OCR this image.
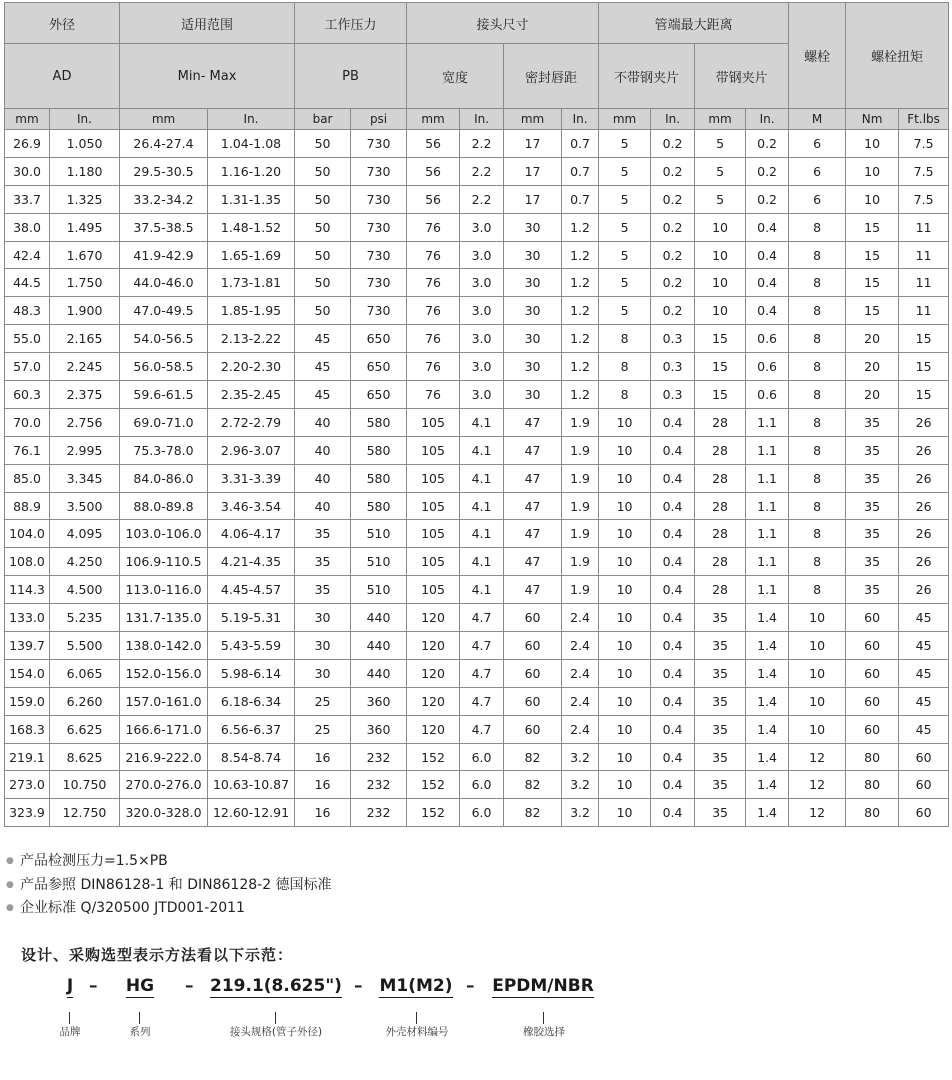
外径		适用范围		工作压力		接头尺寸				管端最大距离				螺栓	螺栓扭矩	
AD		Min- Max		PB		宽度		密封唇距		不带钢夹片		带钢夹片				
mm	In.	mm	In.	bar	psi	mm	In.	mm	In.	mm	In.	mm	In.	M	Nm	Ft.lbs
26.9	1.050	26.4-27.4	1.04-1.08	50	730	56	2.2	17	0.7	5	0.2	5	0.2	6	10	7.5
30.0	1.180	29.5-30.5	1.16-1.20	50	730	56	2.2	17	0.7	5	0.2	5	0.2	6	10	7.5
33.7	1.325	33.2-34.2	1.31-1.35	50	730	56	2.2	17	0.7	5	0.2	5	0.2	6	10	7.5
38.0	1.495	37.5-38.5	1.48-1.52	50	730	76	3.0	30	1.2	5	0.2	10	0.4	8	15	11
42.4	1.670	41.9-42.9	1.65-1.69	50	730	76	3.0	30	1.2	5	0.2	10	0.4	8	15	11
44.5	1.750	44.0-46.0	1.73-1.81	50	730	76	3.0	30	1.2	5	0.2	10	0.4	8	15	11
48.3	1.900	47.0-49.5	1.85-1.95	50	730	76	3.0	30	1.2	5	0.2	10	0.4	8	15	11
55.0	2.165	54.0-56.5	2.13-2.22	45	650	76	3.0	30	1.2	8	0.3	15	0.6	8	20	15
57.0	2.245	56.0-58.5	2.20-2.30	45	650	76	3.0	30	1.2	8	0.3	15	0.6	8	20	15
60.3	2.375	59.6-61.5	2.35-2.45	45	650	76	3.0	30	1.2	8	0.3	15	0.6	8	20	15
70.0	2.756	69.0-71.0	2.72-2.79	40	580	105	4.1	47	1.9	10	0.4	28	1.1	8	35	26
76.1	2.995	75.3-78.0	2.96-3.07	40	580	105	4.1	47	1.9	10	0.4	28	1.1	8	35	26
85.0	3.345	84.0-86.0	3.31-3.39	40	580	105	4.1	47	1.9	10	0.4	28	1.1	8	35	26
88.9	3.500	88.0-89.8	3.46-3.54	40	580	105	4.1	47	1.9	10	0.4	28	1.1	8	35	26
104.0	4.095	103.0-106.0	4.06-4.17	35	510	105	4.1	47	1.9	10	0.4	28	1.1	8	35	26
108.0	4.250	106.9-110.5	4.21-4.35	35	510	105	4.1	47	1.9	10	0.4	28	1.1	8	35	26
114.3	4.500	113.0-116.0	4.45-4.57	35	510	105	4.1	47	1.9	10	0.4	28	1.1	8	35	26
133.0	5.235	131.7-135.0	5.19-5.31	30	440	120	4.7	60	2.4	10	0.4	35	1.4	10	60	45
139.7	5.500	138.0-142.0	5.43-5.59	30	440	120	4.7	60	2.4	10	0.4	35	1.4	10	60	45
154.0	6.065	152.0-156.0	5.98-6.14	30	440	120	4.7	60	2.4	10	0.4	35	1.4	10	60	45
159.0	6.260	157.0-161.0	6.18-6.34	25	360	120	4.7	60	2.4	10	0.4	35	1.4	10	60	45
168.3	6.625	166.6-171.0	6.56-6.37	25	360	120	4.7	60	2.4	10	0.4	35	1.4	10	60	45
219.1	8.625	216.9-222.0	8.54-8.74	16	232	152	6.0	82	3.2	10	0.4	35	1.4	12	80	60
273.0	10.750	270.0-276.0	10.63-10.87	16	232	152	6.0	82	3.2	10	0.4	35	1.4	12	80	60
323.9	12.750	320.0-328.0	12.60-12.91	16	232	152	6.0	82	3.2	10	0.4	35	1.4	12	80	60
● 产品检测压力=1.5×PB
● 产品参照 DIN86128-1 和 DIN86128-2 德国标准
● 企业标准 Q/320500 JTD001-2011
设计、采购选型表示方法看以下示范：
J –	HG	– 219.1(8.625") – M1(M2) –	EPDM/NBR
品牌	系列	接头规格(管子外径)	外壳材料编号	橡胶选择
